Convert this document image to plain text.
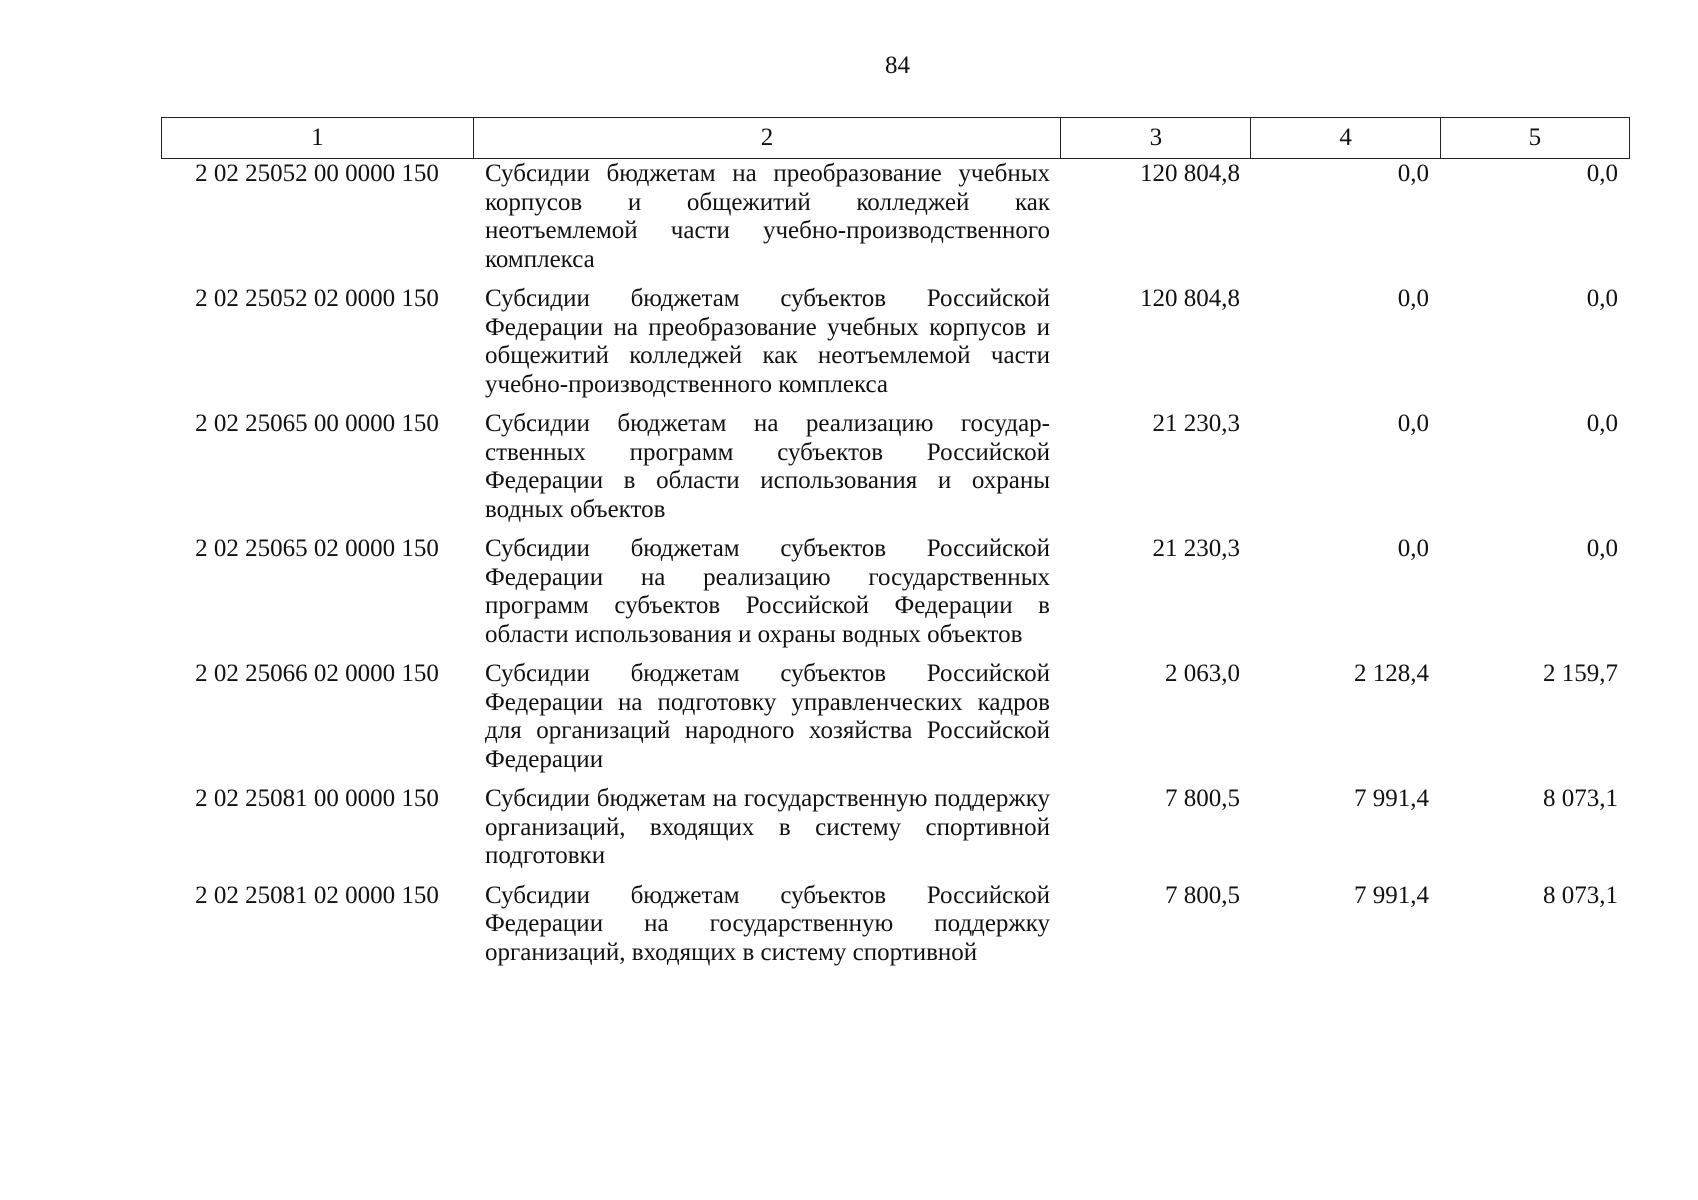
84
1	2	3	4	5
2 02 25052 00 0000 150	Субсидии бюджетам на преобразование учебных корпусов и общежитий колледжей как неотъемлемой части учебно-производственного комплекса	120 804,8	0,0	0,0
2 02 25052 02 0000 150	Субсидии бюджетам субъектов Российской Федерации на преобразование учебных корпусов и общежитий колледжей как неотъемлемой части учебно-производственного комплекса	120 804,8	0,0	0,0
2 02 25065 00 0000 150	Субсидии бюджетам на реализацию государственных программ субъектов Российской Федерации в области использования и охраны водных объектов	21 230,3	0,0	0,0
2 02 25065 02 0000 150	Субсидии бюджетам субъектов Российской Федерации на реализацию государственных программ субъектов Российской Федерации в области использования и охраны водных объектов	21 230,3	0,0	0,0
2 02 25066 02 0000 150	Субсидии бюджетам субъектов Российской Федерации на подготовку управленческих кадров для организаций народного хозяйства Российской Федерации	2 063,0	2 128,4	2 159,7
2 02 25081 00 0000 150	Субсидии бюджетам на государственную поддержку организаций, входящих в систему спортивной подготовки	7 800,5	7 991,4	8 073,1
2 02 25081 02 0000 150	Субсидии бюджетам субъектов Российской Федерации на государственную поддержку организаций, входящих в систему спортивной	7 800,5	7 991,4	8 073,1
